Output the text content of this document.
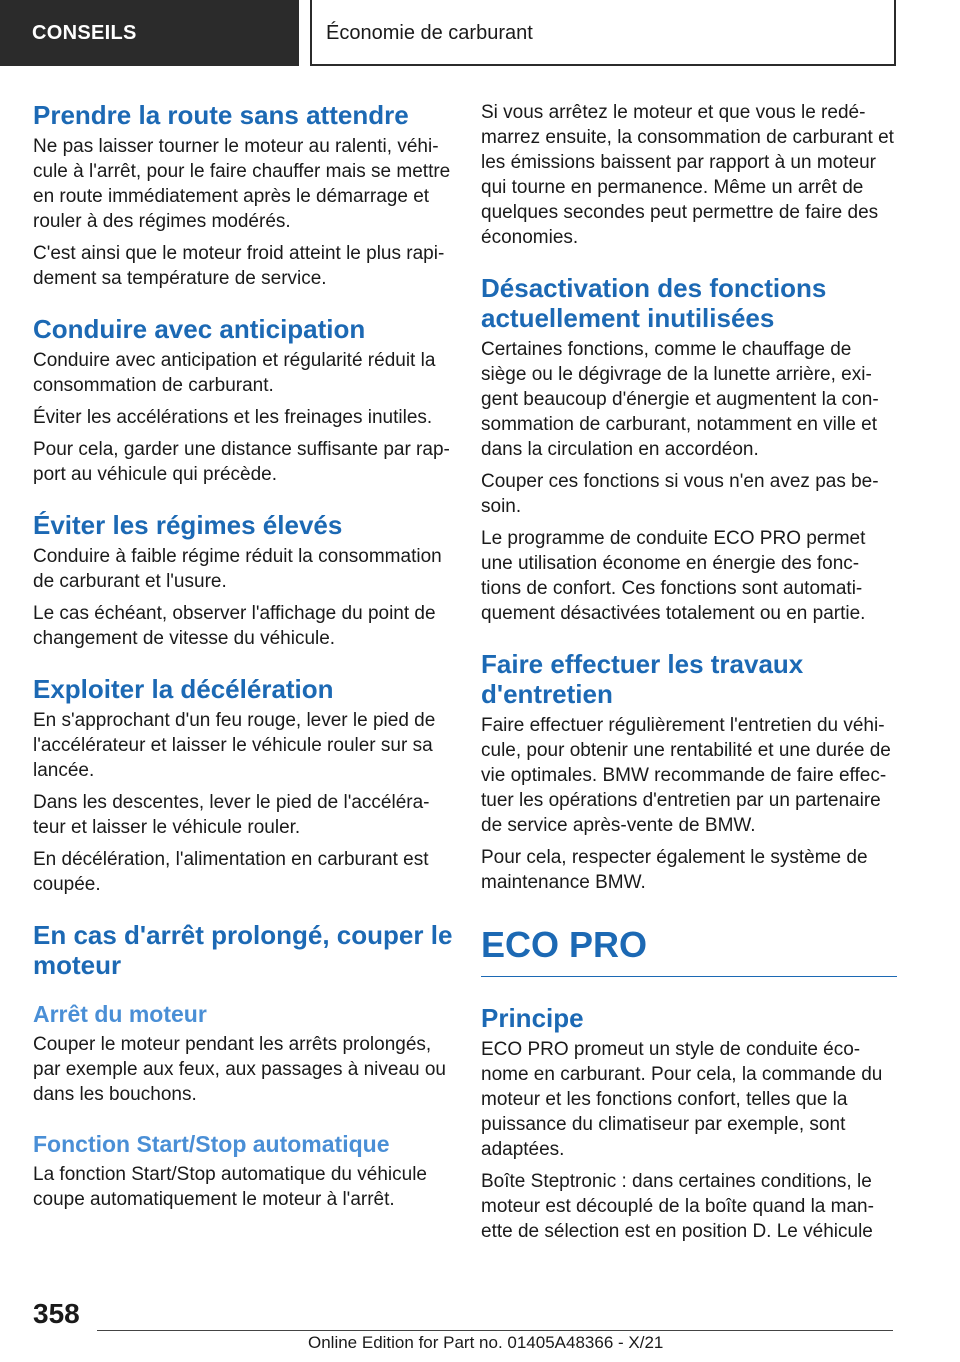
CONSEILS	Économie de carburant
Prendre la route sans attendre

Ne pas laisser tourner le moteur au ralenti, véhi‐cule à l'arrêt, pour le faire chauffer mais se mettre en route immédiatement après le démarrage et rouler à des régimes modérés.

C'est ainsi que le moteur froid atteint le plus rapi‐dement sa température de service.

Conduire avec anticipation

Conduire avec anticipation et régularité réduit la consommation de carburant.

Éviter les accélérations et les freinages inutiles.

Pour cela, garder une distance suffisante par rap‐port au véhicule qui précède.

Éviter les régimes élevés

Conduire à faible régime réduit la consommation de carburant et l'usure.

Le cas échéant, observer l'affichage du point de changement de vitesse du véhicule.

Exploiter la décélération

En s'approchant d'un feu rouge, lever le pied de l'accélérateur et laisser le véhicule rouler sur sa lancée.

Dans les descentes, lever le pied de l'accéléra‐teur et laisser le véhicule rouler.

En décélération, l'alimentation en carburant est coupée.

En cas d'arrêt prolongé, couper le moteur
Arrêt du moteur

Couper le moteur pendant les arrêts prolongés, par exemple aux feux, aux passages à niveau ou dans les bouchons.

Fonction Start/Stop automatique

La fonction Start/Stop automatique du véhicule coupe automatiquement le moteur à l'arrêt.

Si vous arrêtez le moteur et que vous le redé‐marrez ensuite, la consommation de carburant et les émissions baissent par rapport à un moteur qui tourne en permanence. Même un arrêt de quelques secondes peut permettre de faire des économies.

Désactivation des fonctions actuellement inutilisées

Certaines fonctions, comme le chauffage de siège ou le dégivrage de la lunette arrière, exi‐gent beaucoup d'énergie et augmentent la con‐sommation de carburant, notamment en ville et dans la circulation en accordéon.

Couper ces fonctions si vous n'en avez pas be‐soin.

Le programme de conduite ECO PRO permet une utilisation économe en énergie des fonc‐tions de confort. Ces fonctions sont automati‐quement désactivées totalement ou en partie.

Faire effectuer les travaux d'entretien

Faire effectuer régulièrement l'entretien du véhi‐cule, pour obtenir une rentabilité et une durée de vie optimales. BMW recommande de faire effec‐tuer les opérations d'entretien par un partenaire de service après-vente de BMW.

Pour cela, respecter également le système de maintenance BMW.

ECO PRO
Principe

ECO PRO promeut un style de conduite éco‐nome en carburant. Pour cela, la commande du moteur et les fonctions confort, telles que la puissance du climatiseur par exemple, sont adaptées.

Boîte Steptronic : dans certaines conditions, le moteur est découplé de la boîte quand la man‐ette de sélection est en position D. Le véhicule

358
Online Edition for Part no. 01405A48366 - X/21
